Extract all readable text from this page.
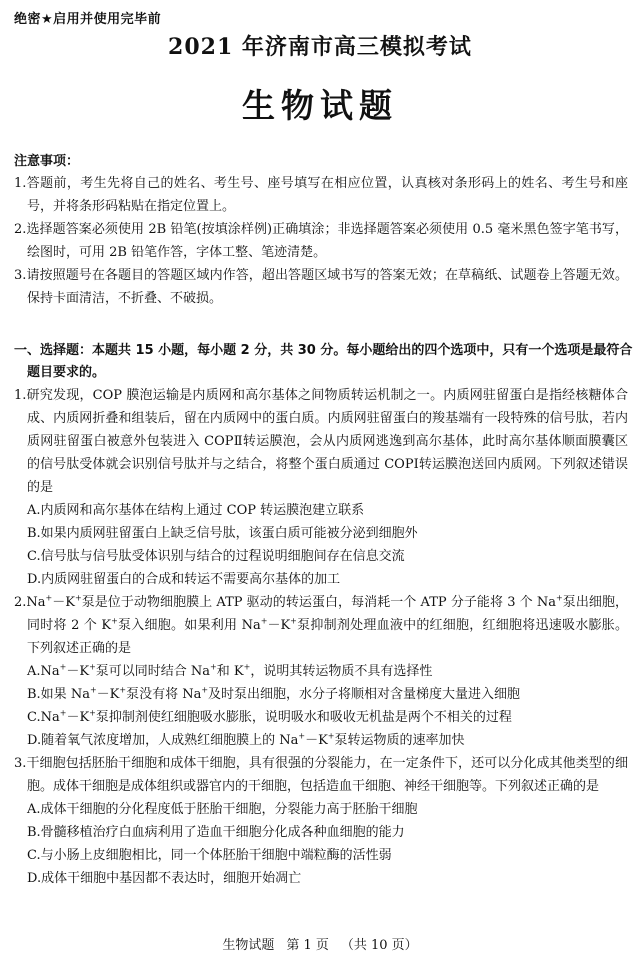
绝密★启用并使用完毕前
2021 年济南市高三模拟考试
生物试题
注意事项：

1.答题前，考生先将自己的姓名、考生号、座号填写在相应位置，认真核对条形码上的姓名、考生号和座号，并将条形码粘贴在指定位置上。

2.选择题答案必须使用 2B 铅笔(按填涂样例)正确填涂；非选择题答案必须使用 0.5 毫米黑色签字笔书写，绘图时，可用 2B 铅笔作答，字体工整、笔迹清楚。

3.请按照题号在各题目的答题区域内作答，超出答题区域书写的答案无效；在草稿纸、试题卷上答题无效。保持卡面清洁，不折叠、不破损。

一、选择题：本题共 15 小题，每小题 2 分，共 30 分。每小题给出的四个选项中，只有一个选项是最符合题目要求的。

1.研究发现，COP 膜泡运输是内质网和高尔基体之间物质转运机制之一。内质网驻留蛋白是指经核糖体合成、内质网折叠和组装后，留在内质网中的蛋白质。内质网驻留蛋白的羧基端有一段特殊的信号肽，若内质网驻留蛋白被意外包装进入 COPⅡ转运膜泡，会从内质网逃逸到高尔基体，此时高尔基体顺面膜囊区的信号肽受体就会识别信号肽并与之结合，将整个蛋白质通过 COPⅠ转运膜泡送回内质网。下列叙述错误的是

A.内质网和高尔基体在结构上通过 COP 转运膜泡建立联系

B.如果内质网驻留蛋白上缺乏信号肽，该蛋白质可能被分泌到细胞外

C.信号肽与信号肽受体识别与结合的过程说明细胞间存在信息交流

D.内质网驻留蛋白的合成和转运不需要高尔基体的加工

2.Na+－K+泵是位于动物细胞膜上 ATP 驱动的转运蛋白，每消耗一个 ATP 分子能将 3 个 Na+泵出细胞，同时将 2 个 K+泵入细胞。如果利用 Na+－K+泵抑制剂处理血液中的红细胞，红细胞将迅速吸水膨胀。下列叙述正确的是

A.Na+－K+泵可以同时结合 Na+和 K+，说明其转运物质不具有选择性

B.如果 Na+－K+泵没有将 Na+及时泵出细胞，水分子将顺相对含量梯度大量进入细胞

C.Na+－K+泵抑制剂使红细胞吸水膨胀，说明吸水和吸收无机盐是两个不相关的过程

D.随着氧气浓度增加，人成熟红细胞膜上的 Na+－K+泵转运物质的速率加快

3.干细胞包括胚胎干细胞和成体干细胞，具有很强的分裂能力，在一定条件下，还可以分化成其他类型的细胞。成体干细胞是成体组织或器官内的干细胞，包括造血干细胞、神经干细胞等。下列叙述正确的是

A.成体干细胞的分化程度低于胚胎干细胞，分裂能力高于胚胎干细胞

B.骨髓移植治疗白血病利用了造血干细胞分化成各种血细胞的能力

C.与小肠上皮细胞相比，同一个体胚胎干细胞中端粒酶的活性弱

D.成体干细胞中基因都不表达时，细胞开始凋亡

生物试题 第 1 页 （共 10 页）
